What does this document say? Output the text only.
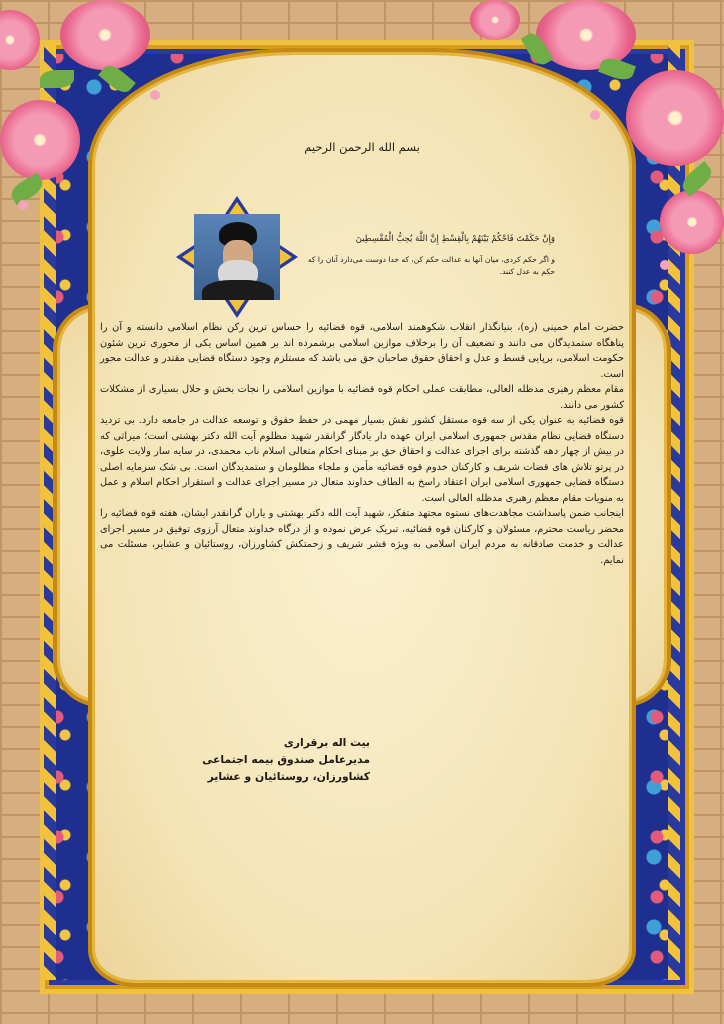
بسم الله الرحمن الرحیم
وَإِنْ حَكَمْتَ فَاحْكُمْ بَيْنَهُمْ بِالْقِسْطِ إِنَّ اللَّهَ يُحِبُّ الْمُقْسِطِينَ
و اگر حکم کردی، میان آنها به عدالت حکم کن، که خدا دوست می‌دارد آنان را که حکم به عدل کنند.

حضرت امام خمینی (ره)، بنیانگذار انقلاب شکوهمند اسلامی، قوه قضائیه را حساس ترین رکن نظام اسلامی دانسته و آن را پناهگاه ستمدیدگان می دانند و تضعیف آن را برخلاف موازین اسلامی برشمرده اند بر همین اساس یکی از محوری ترین شئون حکومت اسلامی، برپایی قسط و عدل و احقاق حقوق صاحبان حق می باشد که مستلزم وجود دستگاه قضایی مقتدر و عدالت محور است.

مقام معظم رهبری مدظله العالی، مطابقت عملی احکام قوه قضائیه با موازین اسلامی را نجات بخش و حلال بسیاری از مشکلات کشور می دانند.

قوه قضائیه به عنوان یکی از سه قوه مستقل کشور نقش بسیار مهمی در حفظ حقوق و توسعه عدالت در جامعه دارد. بی تردید دستگاه قضایی نظام مقدس جمهوری اسلامی ایران عهده دار یادگار گرانقدر شهید مظلوم آیت الله دکتر بهشتی است؛ میراثی که در بیش از چهار دهه گذشته برای اجرای عدالت و احقاق حق بر مبنای احکام متعالی اسلام ناب محمدی، در سایه سار ولایت علوی، در پرتو تلاش های قضات شریف و کارکنان خدوم قوه قضائیه مأمن و ملجاء مظلومان و ستمدیدگان است. بی شک سرمایه اصلی دستگاه قضایی جمهوری اسلامی ایران اعتقاد راسخ به الطاف خداوند متعال در مسیر اجرای عدالت و استقرار احکام اسلام و عمل به منویات مقام معظم رهبری مدظله العالی است.

اینجانب ضمن پاسداشت مجاهدت‌های نستوه مجتهد متفکر، شهید آیت الله دکتر بهشتی و یاران گرانقدر ایشان، هفته قوه قضائیه را محضر ریاست محترم، مسئولان و کارکنان قوه قضائیه، تبریک عرض نموده و از درگاه خداوند متعال آرزوی توفیق در مسیر اجرای عدالت و خدمت صادقانه به مردم ایران اسلامی به ویژه قشر شریف و زحمتکش کشاورزان، روستائیان و عشایر، مسئلت می نمایم.

بیت اله برقراری
مدیرعامل صندوق بیمه اجتماعی
کشاورزان، روستائیان و عشایر
